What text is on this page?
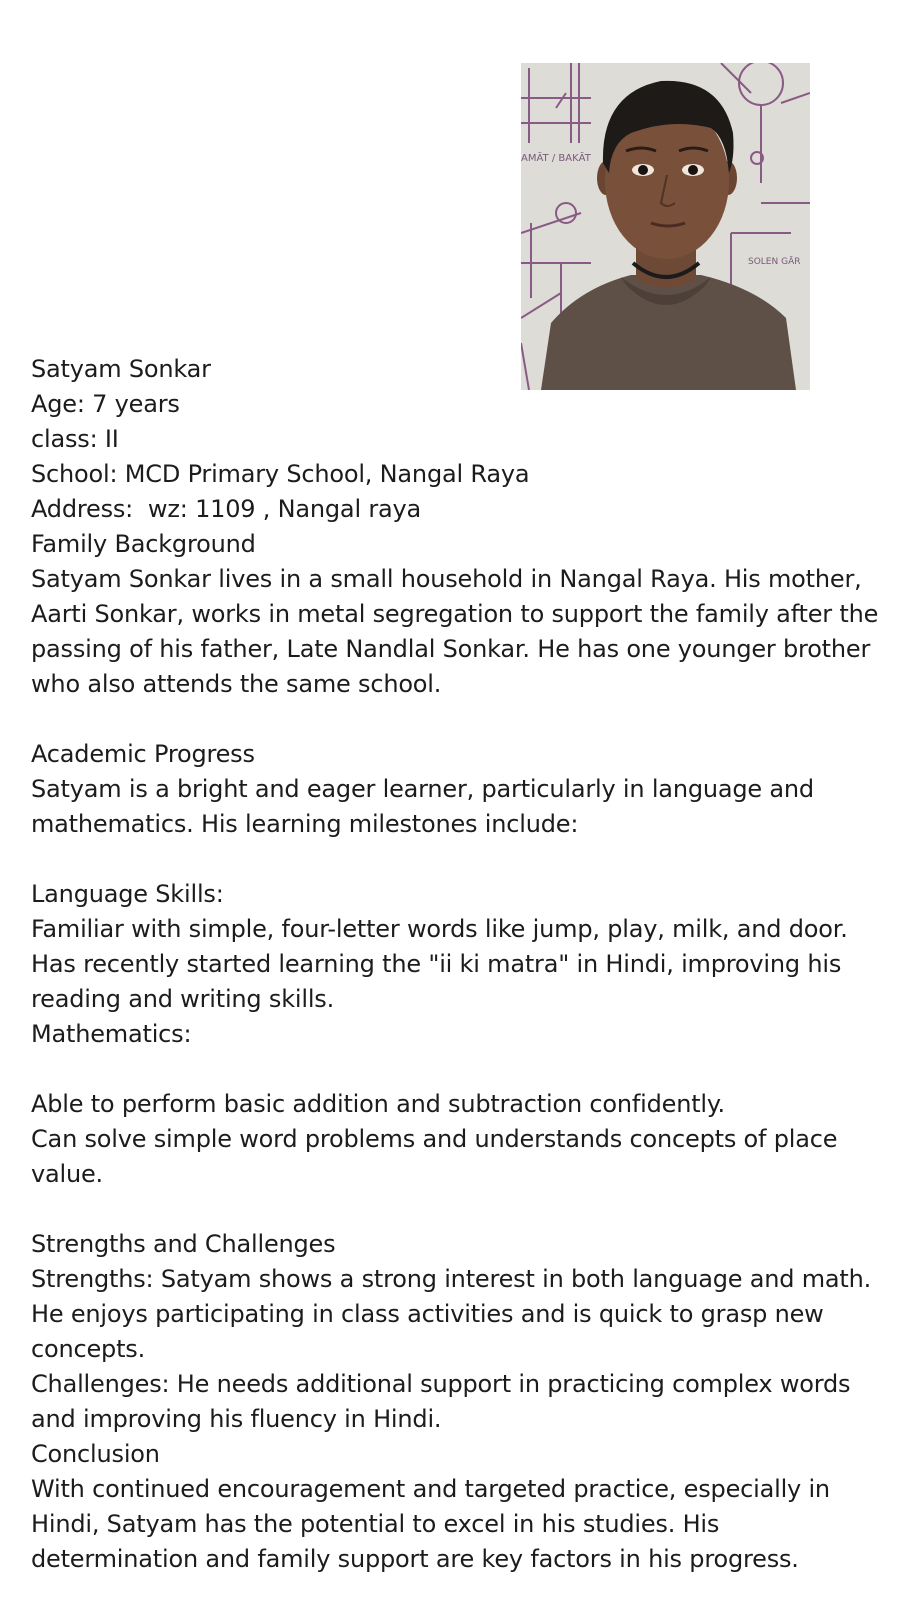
AMĀT / BAKĀT
SOLEN GĀR

Satyam Sonkar

Age: 7 years

class: II

School: MCD Primary School, Nangal Raya

Address:  wz: 1109 , Nangal raya

Family Background

Satyam Sonkar lives in a small household in Nangal Raya. His mother, Aarti Sonkar, works in metal segregation to support the family after the passing of his father, Late Nandlal Sonkar. He has one younger brother who also attends the same school.

Academic Progress

Satyam is a bright and eager learner, particularly in language and mathematics. His learning milestones include:

Language Skills:

Familiar with simple, four-letter words like jump, play, milk, and door.

Has recently started learning the "ii ki matra" in Hindi, improving his reading and writing skills.

Mathematics:

Able to perform basic addition and subtraction confidently.

Can solve simple word problems and understands concepts of place value.

Strengths and Challenges

Strengths: Satyam shows a strong interest in both language and math. He enjoys participating in class activities and is quick to grasp new concepts.

Challenges: He needs additional support in practicing complex words and improving his fluency in Hindi.

Conclusion

With continued encouragement and targeted practice, especially in Hindi, Satyam has the potential to excel in his studies. His determination and family support are key factors in his progress.
